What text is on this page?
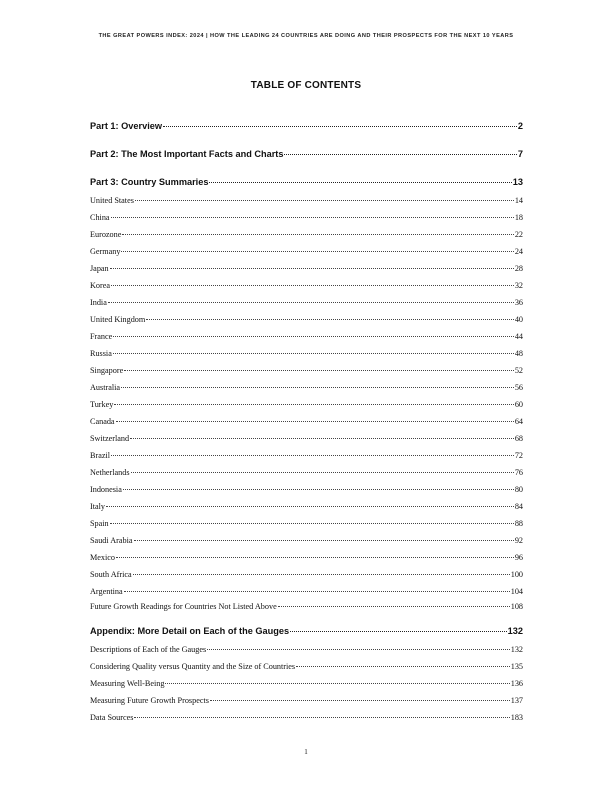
THE GREAT POWERS INDEX: 2024 | HOW THE LEADING 24 COUNTRIES ARE DOING AND THEIR PROSPECTS FOR THE NEXT 10 YEARS
TABLE OF CONTENTS
Part 1: Overview	2
Part 2: The Most Important Facts and Charts	7
Part 3: Country Summaries	13
United States	14
China	18
Eurozone	22
Germany	24
Japan	28
Korea	32
India	36
United Kingdom	40
France	44
Russia	48
Singapore	52
Australia	56
Turkey	60
Canada	64
Switzerland	68
Brazil	72
Netherlands	76
Indonesia	80
Italy	84
Spain	88
Saudi Arabia	92
Mexico	96
South Africa	100
Argentina	104
Future Growth Readings for Countries Not Listed Above	108
Appendix: More Detail on Each of the Gauges	132
Descriptions of Each of the Gauges	132
Considering Quality versus Quantity and the Size of Countries	135
Measuring Well-Being	136
Measuring Future Growth Prospects	137
Data Sources	183
1
